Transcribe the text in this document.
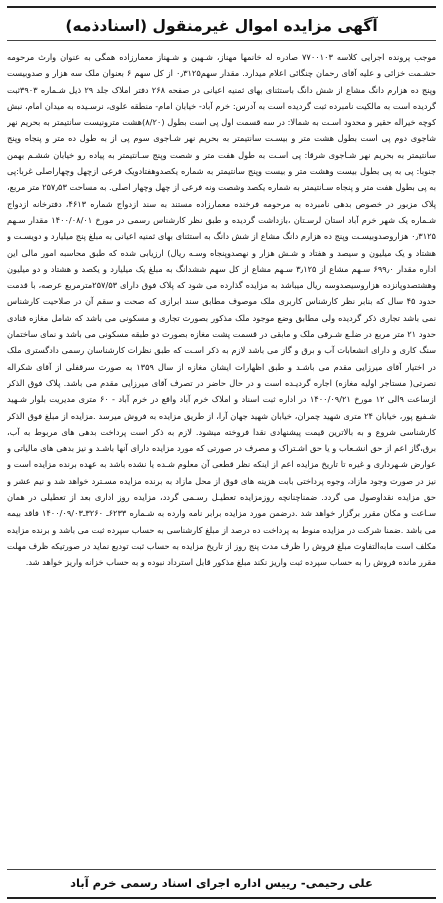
آگهی مزایده اموال غیرمنقول (اسنادذمه)

موجب پرونده اجرایی کلاسه ۷۷۰۰۱۰۳ صادره له خانمها مهناز، شـهین و شـهناز معمارزاده همگی به عنوان وارث مرحومه حشـمت خزائی و علیه آقای رحمان چنگائی اعلام میدارد. مقدار سهم۰٫۳۱۲۵ از کل سهم ۶ بعنوان ملک سه هزار و صدوبیست وپنج ده هزارم دانگ مشاع از شش دانگ باستثنای بهای ثمنیه اعیانی در صفحه ۲۶۸ دفتر املاک جلد ۲۹ ذیل شـماره ۳۹۰۳ثبت گردیده است به مالکیت نامبرده ثبت گردیده است به آدرس: خرم آباد- خیابان امام- منطقه علوی، نرسـیده به میدان امام، نبش کوچه خیراله حقیر و محدود اسـت به شمالا: در سه قسمت اول پی است بطول (۸/۲۰)هشت مترونیست سانتیمتر به بحریم نهر شاجوی دوم پی است بطول هشت متر و بیسـت سانتیمتر به بحریم نهر شـاجوی سوم پی از به طول ده متر و پنجاه وپنج سانتیمتر به بحریم نهر شـاجوی شرقا: پی اسـت به طول هفت متر و شصت وپنج سـانتیمتر به پیاده رو خیابان ششـم بهمن جنوبا: پی به پی بطول بیست وهشت متر و بیست وپنج سانتیمتر به شماره یکصدوهفتادویک فرعی ازچهل وچهاراصلی غربا:پی به پی بطول هفت متر و پنجاه سـانتیمتر به شماره یکصد وشصت ونه فرعی از چهل وچهار اصلی. به مساحت ۲۵۷٫۵۳ متر مربع، پلاک مزبور در خصوص بدهی نامبرده به مرحومه فرخنده معمارزاده مستند به سند ازدواج شماره ۴۶۱۳، دفترخانه ازدواج شـماره یک شهر خرم آباد استان لرسـتان ،بازداشت گردیده و طبق نظر کارشناس رسمی در مورخ ۱۴۰۰/۰۸/۰۱ مقدار سـهم ۰٫۳۱۲۵ هزاروصدوبیسـت وپنج ده هزارم دانگ مشاع از شش دانگ به استثنای بهای ثمنیه اعیانی به مبلغ پنج میلیارد و دویسـت و هشتاد و یک میلیون و سیصد و هفتاد و شـش هزار و نهصدوپنجاه وسـه ریال) ارزیابی شده که طبق محاسبه امور مالی این اداره مقدار ۶۹۹٫۰ سـهم مشاع از ۳٫۱۲۵ سـهم مشاع از کل سهم ششدانگ به مبلغ یک میلیارد و یکصد و هشتاد و دو میلیون وهشتصدوپانزده هزاروسیصدوسه ریال میباشد به مزایده گذارده می شود که پلاک فوق دارای ۲۵۷/۵۳مترمربع عرصه، با قدمت حدود ۴۵ سال که بنابر نظر کارشناس کاربری ملک موصوف مطابق سند ابرازی که صحت و سقم آن در صلاحیت کارشناس نمی باشد تجاری ذکر گردیده ولی مطابق وضع موجود ملک مذکور بصورت تجاری و مسکونی می باشد که شامل مغازه قنادی حدود ۲۱ متر مربع در ضلـع شـرقی ملک و مابقی در قسمت پشت مغازه بصورت دو طبقه مسکونی می باشد و نمای ساختمان سنگ کاری و دارای انشعابات آب و برق و گاز می باشد لازم به ذکر اسـت که طبق نظرات کارشناسان رسمی دادگستری ملک در اختیار آقای میرزایی مقدم می باشـد و طبق اظهارات ایشان مغازه از سال ۱۳۵۹ به صورت سرقفلی از آقای شکراله نصرتی( مستاجر اولیه مغازه) اجاره گردیـده است و در حال حاضر در تصرف آقای میرزایی مقدم می باشد. پلاک فوق الذکر ازساعت ۹الی ۱۲ مورخ ۱۴۰۰/۰۹/۲۱ در اداره ثبت اسناد و املاک خرم آباد واقع در خرم آباد - ۶۰ متری مدیریت بلوار شـهید شـفیع پور، خیابان ۲۴ متری شهید چمران، خیابان شهید جهان آرا، از طریق مزایده به فروش میرسد .مزایده از مبلغ فوق الذکر کارشناسی شروع و به بالاترین قیمت پیشنهادی نقدا فروخته میشود. لازم به ذکر است پرداخت بدهی های مربوط به آب، برق،گاز اعم از حق انشـعاب و یا حق اشـتراک و مصرف در صورتی که مورد مزایده دارای آنها باشـد و نیز بدهی های مالیاتی و عوارض شـهرداری و غیره تا تاریخ مزایده اعم از اینکه نظر قطعی آن معلوم شـده یا نشده باشد به عهده برنده مزایده است و نیز در صورت وجود مازاد، وجوه پرداختی بابت هزینه های فوق از محل مازاد به برنده مزایده مسـترد خواهد شد و نیم عشر و حق مزایده نقداوصول می گردد. ضمناچنانچه روزمزایده تعطیـل رسـمی گردد، مزایده روز اداری بعد از تعطیلی در همان سـاعت و مکان مقرر برگزار خواهد شد .درضمن مورد مزایده برابر نامه وارده به شـماره ۶۲۳۳ـ ۳۲۶۰ـ۱۴۰۰/۰۹/۰۳ فاقد بیمه می باشد .ضمنا شرکت در مزایده منوط به پرداخت ده درصد از مبلغ کارشناسی به حساب سپرده ثبت می باشد و برنده مزایده مکلف است مابه‌التفاوت مبلغ فروش را ظرف مدت پنج روز از تاریخ مزایده به حساب ثبت تودیع نماید در صورتیکه ظرف مهلت مقرر مانده فروش را به حساب سپرده ثبت واریز نکند مبلغ مذکور قابل استرداد نبوده و به حساب خزانه واریز خواهد شد.

علی رحیمی- رییس اداره اجرای اسناد رسمی خرم آباد
